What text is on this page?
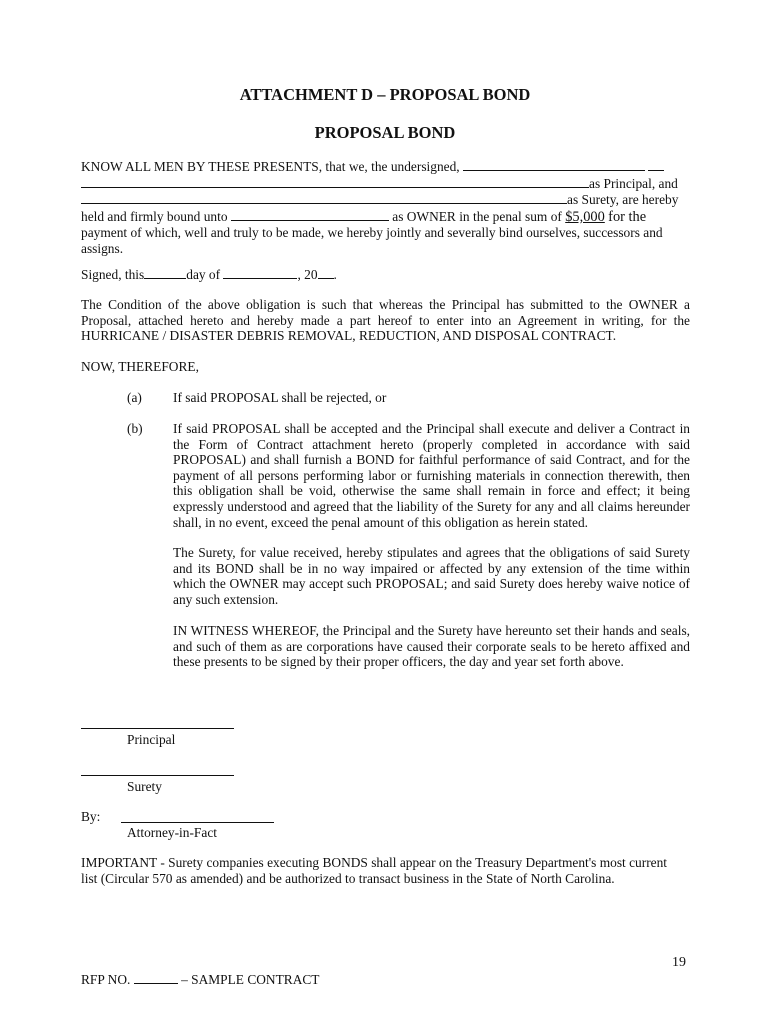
ATTACHMENT D – PROPOSAL BOND
PROPOSAL BOND
KNOW ALL MEN BY THESE PRESENTS, that we, the undersigned,
as Principal, and
as Surety, are hereby
held and firmly bound unto	as OWNER in the penal sum of $5,000 for the
payment of which, well and truly to be made, we hereby jointly and severally bind ourselves, successors and
assigns.
Signed, this	day of	, 20 .
The Condition of the above obligation is such that whereas the Principal has submitted to the OWNER a
Proposal, attached hereto and hereby made a part hereof to enter into an Agreement in writing, for the
HURRICANE / DISASTER DEBRIS REMOVAL, REDUCTION, AND DISPOSAL CONTRACT.
NOW, THEREFORE,
(a) If said PROPOSAL shall be rejected, or
(b) If said PROPOSAL shall be accepted and the Principal shall execute and deliver a Contract in the Form of Contract attachment hereto (properly completed in accordance with said PROPOSAL) and shall furnish a BOND for faithful performance of said Contract, and for the payment of all persons performing labor or furnishing materials in connection therewith, then this obligation shall be void, otherwise the same shall remain in force and effect; it being expressly understood and agreed that the liability of the Surety for any and all claims hereunder shall, in no event, exceed the penal amount of this obligation as herein stated.
The Surety, for value received, hereby stipulates and agrees that the obligations of said Surety and its BOND shall be in no way impaired or affected by any extension of the time within which the OWNER may accept such PROPOSAL; and said Surety does hereby waive notice of any such extension.
IN WITNESS WHEREOF, the Principal and the Surety have hereunto set their hands and seals, and such of them as are corporations have caused their corporate seals to be hereto affixed and these presents to be signed by their proper officers, the day and year set forth above.
Principal
Surety
By:
Attorney-in-Fact
IMPORTANT - Surety companies executing BONDS shall appear on the Treasury Department's most current
list (Circular 570 as amended) and be authorized to transact business in the State of North Carolina.
19
RFP NO.	– SAMPLE CONTRACT
